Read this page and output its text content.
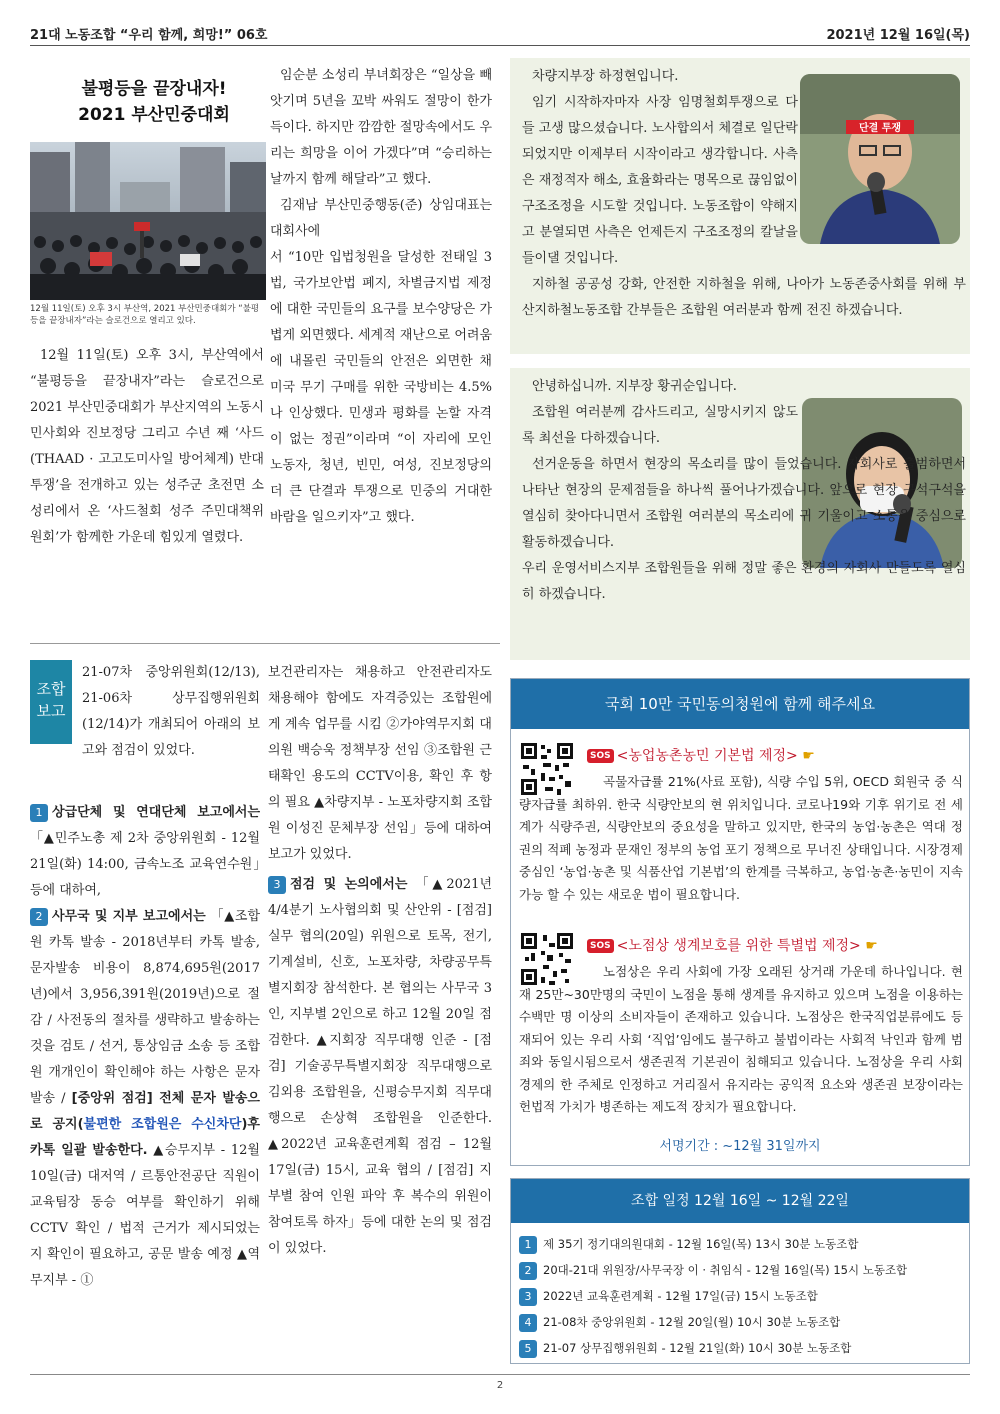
21대 노동조합 “우리 함께, 희망!” 06호	2021년 12월 16일(목)
불평등을 끝장내자!
2021 부산민중대회
12월 11일(토) 오후 3시 부산역, 2021 부산민중대회가 “불평등을 끝장내자”라는 슬로건으로 열리고 있다.

12월 11일(토) 오후 3시, 부산역에서 “불평등을 끝장내자”라는 슬로건으로 2021 부산민중대회가 부산지역의 노동시민사회와 진보정당 그리고 수년 째 ‘사드(THAAD · 고고도미사일 방어체계) 반대 투쟁’을 전개하고 있는 성주군 초전면 소성리에서 온 ‘사드철회 성주 주민대책위원회’가 함께한 가운데 힘있게 열렸다.

임순분 소성리 부녀회장은 “일상을 빼앗기며 5년을 꼬박 싸워도 절망이 한가득이다. 하지만 깜깜한 절망속에서도 우리는 희망을 이어 가겠다”며 “승리하는 날까지 함께 해달라”고 했다.

김재남 부산민중행동(준) 상임대표는 대회사에

서 “10만 입법청원을 달성한 전태일 3법, 국가보안법 폐지, 차별금지법 제정에 대한 국민들의 요구를 보수양당은 가볍게 외면했다. 세계적 재난으로 어려움에 내몰린 국민들의 안전은 외면한 채 미국 무기 구매를 위한 국방비는 4.5%나 인상했다. 민생과 평화를 논할 자격이 없는 정권”이라며 “이 자리에 모인 노동자, 청년, 빈민, 여성, 진보정당의 더 큰 단결과 투쟁으로 민중의 거대한 바람을 일으키자”고 했다.

조합
보고

21-07차 중앙위원회(12/13), 21-06차 상무집행위원회(12/14)가 개최되어 아래의 보고와 점검이 있었다.

1 상급단체 및 연대단체 보고에서는 「▲민주노총 제 2차 중앙위원회 - 12월 21일(화) 14:00, 금속노조 교육연수원」등에 대하여,

2 사무국 및 지부 보고에서는 「▲조합원 카톡 발송 - 2018년부터 카톡 발송, 문자발송 비용이 8,874,695원(2017년)에서 3,956,391원(2019년)으로 절감 / 사전동의 절차를 생략하고 발송하는 것을 검토 / 선거, 통상임금 소송 등 조합원 개개인이 확인해야 하는 사항은 문자 발송 / [중앙위 점검] 전체 문자 발송으로 공지(불편한 조합원은 수신차단)후 카톡 일괄 발송한다. ▲승무지부 - 12월 10일(금) 대저역 / 르통안전공단 직원이 교육팀장 동승 여부를 확인하기 위해 CCTV 확인 / 법적 근거가 제시되었는 지 확인이 필요하고, 공문 발송 예정 ▲역무지부 - ①

보건관리자는 채용하고 안전관리자도 채용해야 함에도 자격증있는 조합원에게 계속 업무를 시킴 ②가야역무지회 대의원 백승욱 정책부장 선임 ③조합원 근태확인 용도의 CCTV이용, 확인 후 항의 필요 ▲차량지부 - 노포차량지회 조합원 이성진 문체부장 선임」등에 대하여 보고가 있었다.

3 점검 및 논의에서는 「▲2021년 4/4분기 노사협의회 및 산안위 - [점검] 실무 협의(20일) 위원으로 토목, 전기, 기계설비, 신호, 노포차량, 차량공무특별지회장 참석한다. 본 협의는 사무국 3인, 지부별 2인으로 하고 12월 20일 점검한다. ▲지회장 직무대행 인준 - [점검] 기술공무특별지회장 직무대행으로 김외용 조합원을, 신평승무지회 직무대행으로 손상혁 조합원을 인준한다. ▲2022년 교육훈련계획 점검 – 12월 17일(금) 15시, 교육 협의 / [점검] 지부별 참여 인원 파악 후 복수의 위원이 참여토록 하자」등에 대한 논의 및 점검이 있었다.

단결 투쟁

차량지부장 하정현입니다.

임기 시작하자마자 사장 임명철회투쟁으로 다들 고생 많으셨습니다. 노사합의서 체결로 일단락되었지만 이제부터 시작이라고 생각합니다. 사측은 재정적자 해소, 효율화라는 명목으로 끊임없이 구조조정을 시도할 것입니다. 노동조합이 약해지고 분열되면 사측은 언제든지 구조조정의 칼날을 들이댈 것입니다.

지하철 공공성 강화, 안전한 지하철을 위해, 나아가 노동존중사회를 위해 부산지하철노동조합 간부들은 조합원 여러분과 함께 전진 하겠습니다.

안녕하십니까. 지부장 황귀순입니다.

조합원 여러분께 감사드리고, 실망시키지 않도록 최선을 다하겠습니다.

선거운동을 하면서 현장의 목소리를 많이 들었습니다. 자회사로 출범하면서 나타난 현장의 문제점들을 하나씩 풀어나가겠습니다. 앞으로 현장 구석구석을 열심히 찾아다니면서 조합원 여러분의 목소리에 귀 기울이고 소통을 중심으로 활동하겠습니다.

우리 운영서비스지부 조합원들을 위해 정말 좋은 환경의 자회사 만들도록 열심히 하겠습니다.

국회 10만 국민동의청원에 함께 해주세요
SOS <농업농촌농민 기본법 제정> ☛
곡물자급률 21%(사료 포함), 식량 수입 5위, OECD 회원국 중 식량자급률 최하위. 한국 식량안보의 현 위치입니다. 코로나19와 기후 위기로 전 세계가 식량주권, 식량안보의 중요성을 말하고 있지만, 한국의 농업·농촌은 역대 정권의 적폐 농정과 문재인 정부의 농업 포기 정책으로 무너진 상태입니다. 시장경제 중심인 ‘농업·농촌 및 식품산업 기본법’의 한계를 극복하고, 농업·농촌·농민이 지속가능 할 수 있는 새로운 법이 필요합니다.
SOS <노점상 생계보호를 위한 특별법 제정> ☛
노점상은 우리 사회에 가장 오래된 상거래 가운데 하나입니다. 현재 25만~30만명의 국민이 노점을 통해 생계를 유지하고 있으며 노점을 이용하는 수백만 명 이상의 소비자들이 존재하고 있습니다. 노점상은 한국직업분류에도 등재되어 있는 우리 사회 ‘직업’임에도 불구하고 불법이라는 사회적 낙인과 함께 범죄와 동일시됨으로서 생존권적 기본권이 침해되고 있습니다. 노점상을 우리 사회경제의 한 주체로 인정하고 거리질서 유지라는 공익적 요소와 생존권 보장이라는 헌법적 가치가 병존하는 제도적 장치가 필요합니다.
서명기간 : ~12월 31일까지
조합 일정 12월 16일 ~ 12월 22일
1 제 35기 정기대의원대회 - 12월 16일(목) 13시 30분 노동조합
2 20대-21대 위원장/사무국장 이 · 취임식 - 12월 16일(목) 15시 노동조합
3 2022년 교육훈련계획 - 12월 17일(금) 15시 노동조합
4 21-08차 중앙위원회 - 12월 20일(월) 10시 30분 노동조합
5 21-07 상무집행위원회 - 12월 21일(화) 10시 30분 노동조합
2
